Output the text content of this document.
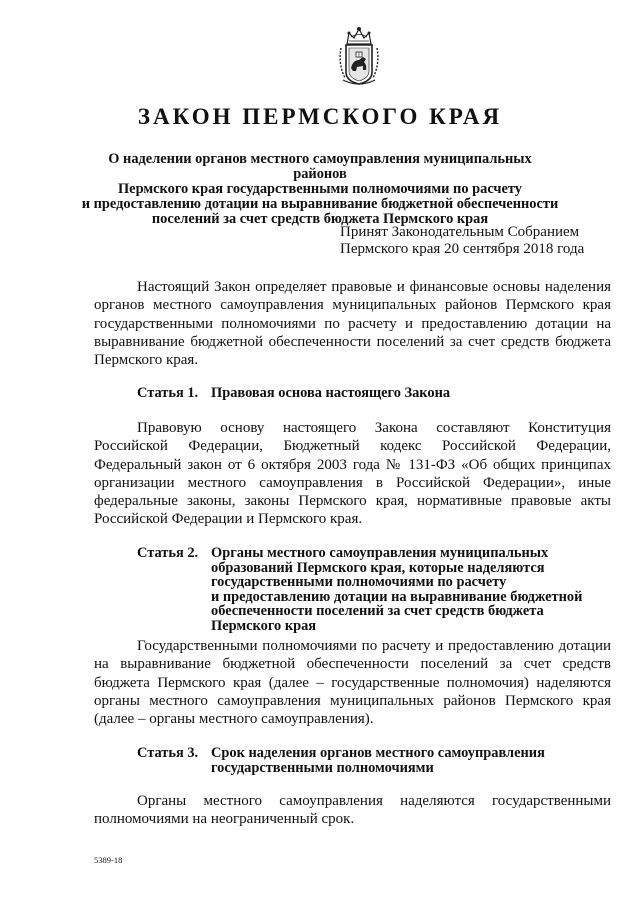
ЗАКОН ПЕРМСКОГО КРАЯ
О наделении органов местного самоуправления муниципальных районов
Пермского края государственными полномочиями по расчету
и предоставлению дотации на выравнивание бюджетной обеспеченности
поселений за счет средств бюджета Пермского края
Принят Законодательным Собранием
Пермского края 20 сентября 2018 года

Настоящий Закон определяет правовые и финансовые основы наделения органов местного самоуправления муниципальных районов Пермского края государственными полномочиями по расчету и предоставлению дотации на выравнивание бюджетной обеспеченности поселений за счет средств бюджета Пермского края.

Статья 1. Правовая основа настоящего Закона

Правовую основу настоящего Закона составляют Конституция Российской Федерации, Бюджетный кодекс Российской Федерации, Федеральный закон от 6 октября 2003 года № 131-ФЗ «Об общих принципах организации местного самоуправления в Российской Федерации», иные федеральные законы, законы Пермского края, нормативные правовые акты Российской Федерации и Пермского края.

Статья 2. Органы местного самоуправления муниципальных
образований Пермского края, которые наделяются
государственными полномочиями по расчету
и предоставлению дотации на выравнивание бюджетной
обеспеченности поселений за счет средств бюджета
Пермского края

Государственными полномочиями по расчету и предоставлению дотации на выравнивание бюджетной обеспеченности поселений за счет средств бюджета Пермского края (далее – государственные полномочия) наделяются органы местного самоуправления муниципальных районов Пермского края (далее – органы местного самоуправления).

Статья 3. Срок наделения органов местного самоуправления
государственными полномочиями

Органы местного самоуправления наделяются государственными полномочиями на неограниченный срок.

5389-18
